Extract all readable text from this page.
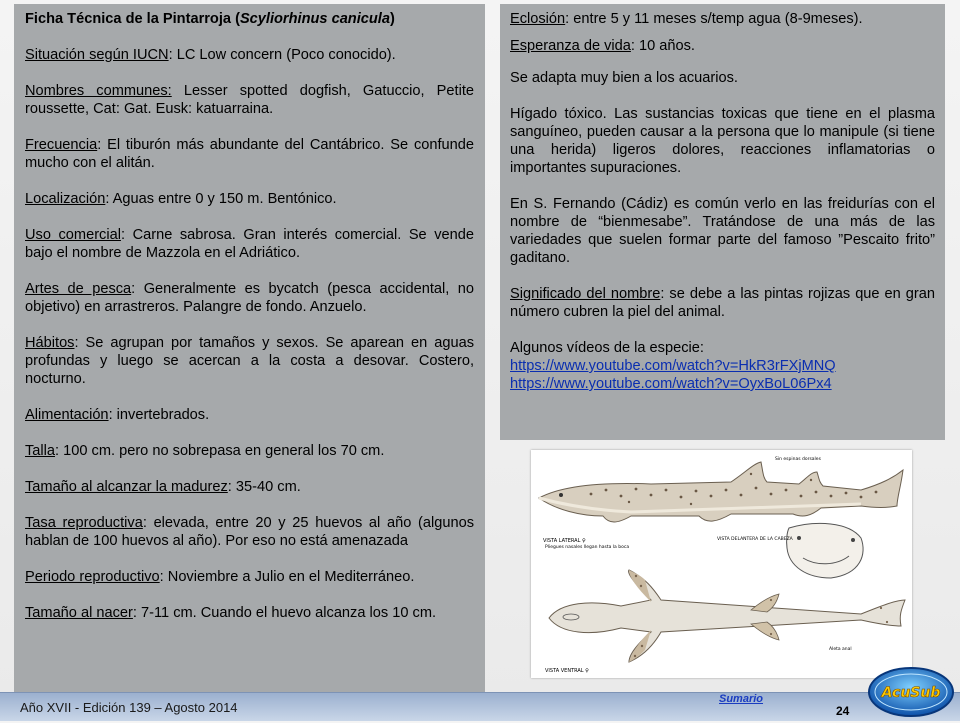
Ficha Técnica de la Pintarroja (Scyliorhinus canicula)

Situación según IUCN: LC Low concern (Poco conocido).

Nombres communes: Lesser spotted dogfish, Gatuccio, Petite roussette, Cat: Gat. Eusk: katuarraina.

Frecuencia: El tiburón más abundante del Cantábrico. Se confunde mucho con el alitán.

Localización: Aguas entre 0 y 150 m. Bentónico.

Uso comercial: Carne sabrosa. Gran interés comercial. Se vende bajo el nombre de Mazzola en el Adriático.

Artes de pesca: Generalmente es bycatch (pesca accidental, no objetivo) en arrastreros. Palangre de fondo. Anzuelo.

Hábitos: Se agrupan por tamaños y sexos. Se aparean en aguas profundas y luego se acercan a la costa a desovar. Costero, nocturno.

Alimentación: invertebrados.

Talla: 100 cm. pero no sobrepasa en general los 70 cm.

Tamaño al alcanzar la madurez: 35-40 cm.

Tasa reproductiva: elevada, entre 20 y 25 huevos al año (algunos hablan de 100 huevos al año). Por eso no está amenazada

Periodo reproductivo: Noviembre a Julio en el Mediterráneo.

Tamaño al nacer: 7-11 cm. Cuando el huevo alcanza los 10 cm.

Eclosión: entre 5 y 11 meses s/temp agua (8-9meses).

Esperanza de vida: 10 años.

Se adapta muy bien a los acuarios.

Hígado tóxico. Las sustancias toxicas que tiene en el plasma sanguíneo, pueden causar a la persona que lo manipule (si tiene una herida) ligeros dolores, reacciones inflamatorias o importantes supuraciones.

En S. Fernando (Cádiz) es común verlo en las freidurías con el nombre de “bienmesabe”. Tratándose de una más de las variedades que suelen formar parte del famoso ”Pescaito frito” gaditano.

Significado del nombre: se debe a las pintas rojizas que en gran número cubren la piel del animal.

Algunos vídeos de la especie:

https://www.youtube.com/watch?v=HkR3rFXjMNQ
https://www.youtube.com/watch?v=OyxBoL06Px4
VISTA LATERAL ♀
Sin espinas dorsales
VISTA DELANTERA DE LA CABEZA
Pliegues nasales llegan hasta la boca
VISTA VENTRAL ♀
Aleta anal
Año XVII - Edición 139 – Agosto 2014
Sumario
24
AcuSub
